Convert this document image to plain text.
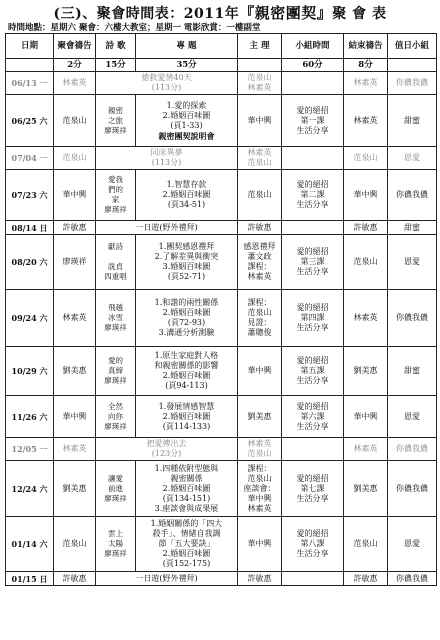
(三)、聚會時間表：2011年『親密團契』聚 會 表
時間地點：星期六 聚會：六樓大教室；星期一 電影欣賞：一樓副堂
日期	聚會禱告	詩 歌	專 題	主 理	小組時間	結束禱告	值日小組
	2分	15分	35分		60分	8分	
06/13 一	林素英	搶救愛情40天
(113分)		范泉山
林素英		林素英	你儂我儂
06/25 六	范泉山	親密
之旅
廖瑛祥	1.愛的探索
2.婚姻百味圖
(頁1-33)
親密團契說明會	華中興	愛的絕招
第一課
生活分享	林素英	甜蜜
07/04 一	范泉山	同床異夢
(113分)		林素英
范泉山		范泉山	恩愛
07/23 六	華中興	愛我
們的
家
廖瑛祥	1.智慧存款
2.婚姻百味圖
(頁34-51)	范泉山	愛的絕招
第二課
生活分享	華中興	你儂我儂
08/14 日	許敏惠	一日遊(野外禮拜)		許敏惠		許敏惠	甜蜜
08/20 六	廖瑛祥	獻詩

詵貞
四重唱	1.團契感恩禮拜
2.了解差異與衝突
3.婚姻百味圖
(頁52-71)	感恩禮拜
蕭文政
課程：
林素英	愛的絕招
第三課
生活分享	范泉山	恩愛
09/24 六	林素英	飛越
冰雪
廖瑛祥	1.和諧的兩性關係
2.婚姻百味圖
(頁72-93)
3.溝通分析測驗	課程：
范泉山
見證：
蕭聰俊	愛的絕招
第四課
生活分享	林素英	你儂我儂
10/29 六	劉美惠	愛的
真締
廖瑛祥	1.原生家庭對人格
和親密關係的影響
2.婚姻百味圖
(頁94-113)	華中興	愛的絕招
第五課
生活分享	劉美惠	甜蜜
11/26 六	華中興	全然
向你
廖瑛祥	1.發展情感智慧
2.婚姻百味圖
(頁114-133)	劉美惠	愛的絕招
第六課
生活分享	華中興	恩愛
12/05 一	林素英	把愛傳出去
(123分)		林素英
范泉山		林素英	你儂我儂
12/24 六	劉美惠	讓愛
前進
廖瑛祥	1.四種依附型態與
親密關係
2.婚姻百味圖
(頁134-151)
3.座談會與成果展	課程：
范泉山
座談會：
華中興
林素英	愛的絕招
第七課
生活分享	劉美惠	你儂我儂
01/14 六	范泉山	雲上
太陽
廖瑛祥	1.婚姻關係的「四大
殺手」、情緒自我調
節「五大要訣」
2.婚姻百味圖
(頁152-175)	華中興	愛的絕招
第八課
生活分享	范泉山	恩愛
01/15 日	許敏惠	一日遊(野外禮拜)		許敏惠		許敏惠	你儂我儂
